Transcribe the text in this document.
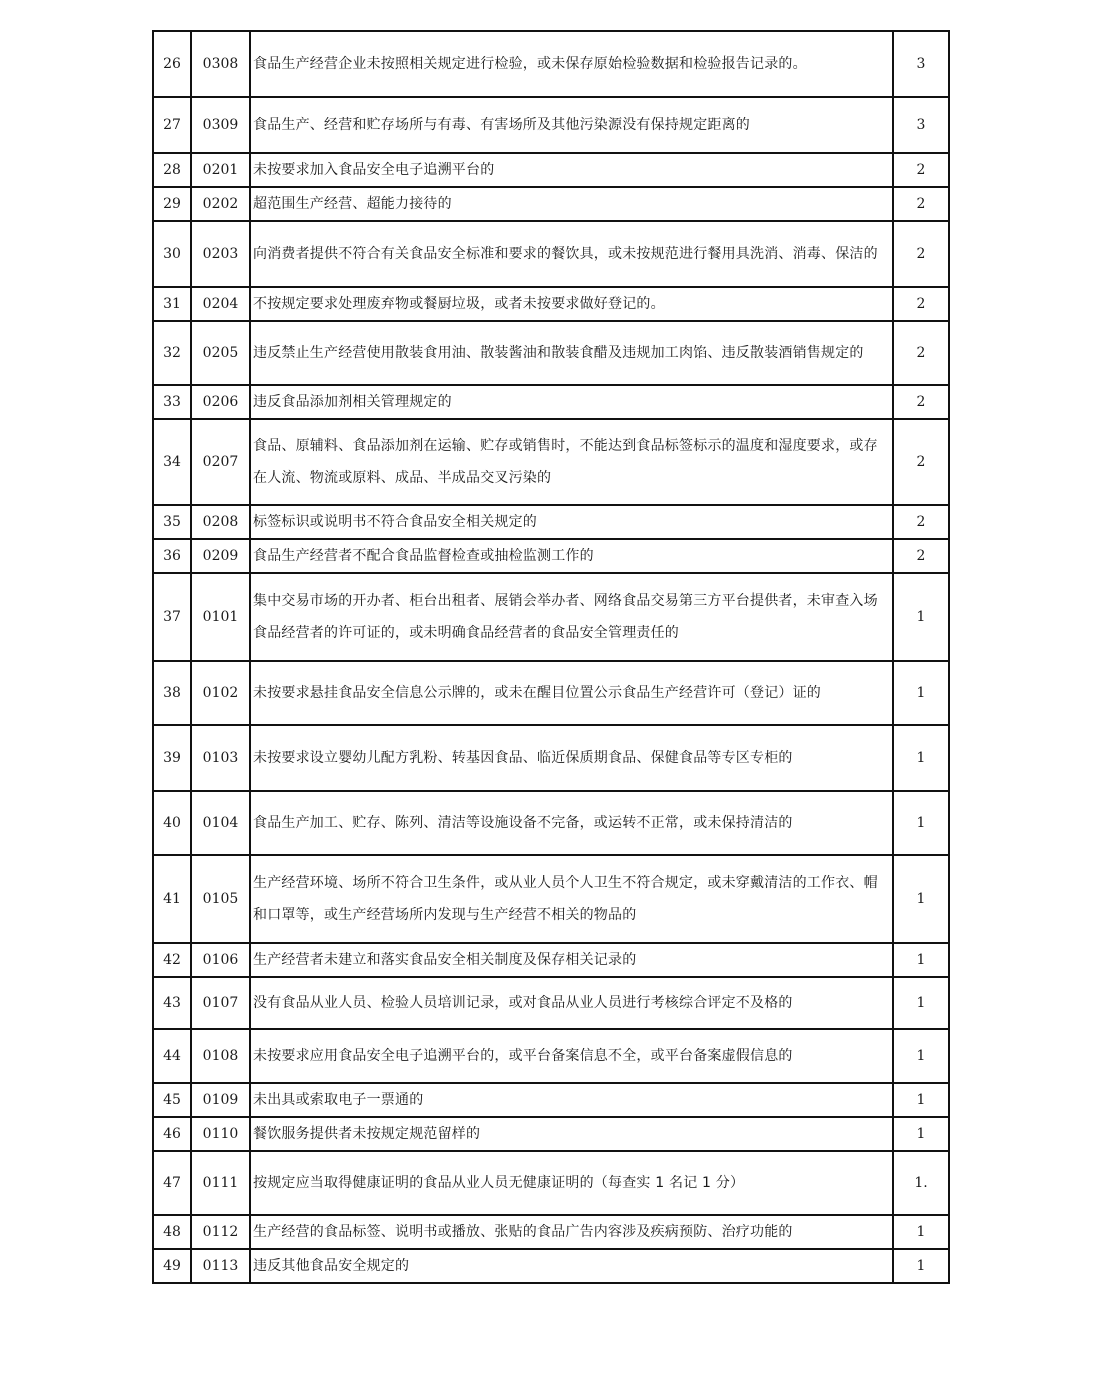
26	0308	食品生产经营企业未按照相关规定进行检验，或未保存原始检验数据和检验报告记录的。	3
27	0309	食品生产、经营和贮存场所与有毒、有害场所及其他污染源没有保持规定距离的	3
28	0201	未按要求加入食品安全电子追溯平台的	2
29	0202	超范围生产经营、超能力接待的	2
30	0203	向消费者提供不符合有关食品安全标准和要求的餐饮具，或未按规范进行餐用具洗消、消毒、保洁的	2
31	0204	不按规定要求处理废弃物或餐厨垃圾，或者未按要求做好登记的。	2
32	0205	违反禁止生产经营使用散装食用油、散装酱油和散装食醋及违规加工肉馅、违反散装酒销售规定的	2
33	0206	违反食品添加剂相关管理规定的	2
34	0207	食品、原辅料、食品添加剂在运输、贮存或销售时，不能达到食品标签标示的温度和湿度要求，或存在人流、物流或原料、成品、半成品交叉污染的	2
35	0208	标签标识或说明书不符合食品安全相关规定的	2
36	0209	食品生产经营者不配合食品监督检查或抽检监测工作的	2
37	0101	集中交易市场的开办者、柜台出租者、展销会举办者、网络食品交易第三方平台提供者，未审查入场食品经营者的许可证的，或未明确食品经营者的食品安全管理责任的	1
38	0102	未按要求悬挂食品安全信息公示牌的，或未在醒目位置公示食品生产经营许可（登记）证的	1
39	0103	未按要求设立婴幼儿配方乳粉、转基因食品、临近保质期食品、保健食品等专区专柜的	1
40	0104	食品生产加工、贮存、陈列、清洁等设施设备不完备，或运转不正常，或未保持清洁的	1
41	0105	生产经营环境、场所不符合卫生条件，或从业人员个人卫生不符合规定，或未穿戴清洁的工作衣、帽和口罩等，或生产经营场所内发现与生产经营不相关的物品的	1
42	0106	生产经营者未建立和落实食品安全相关制度及保存相关记录的	1
43	0107	没有食品从业人员、检验人员培训记录，或对食品从业人员进行考核综合评定不及格的	1
44	0108	未按要求应用食品安全电子追溯平台的，或平台备案信息不全，或平台备案虚假信息的	1
45	0109	未出具或索取电子一票通的	1
46	0110	餐饮服务提供者未按规定规范留样的	1
47	0111	按规定应当取得健康证明的食品从业人员无健康证明的（每查实 1 名记 1 分）	1.
48	0112	生产经营的食品标签、说明书或播放、张贴的食品广告内容涉及疾病预防、治疗功能的	1
49	0113	违反其他食品安全规定的	1
